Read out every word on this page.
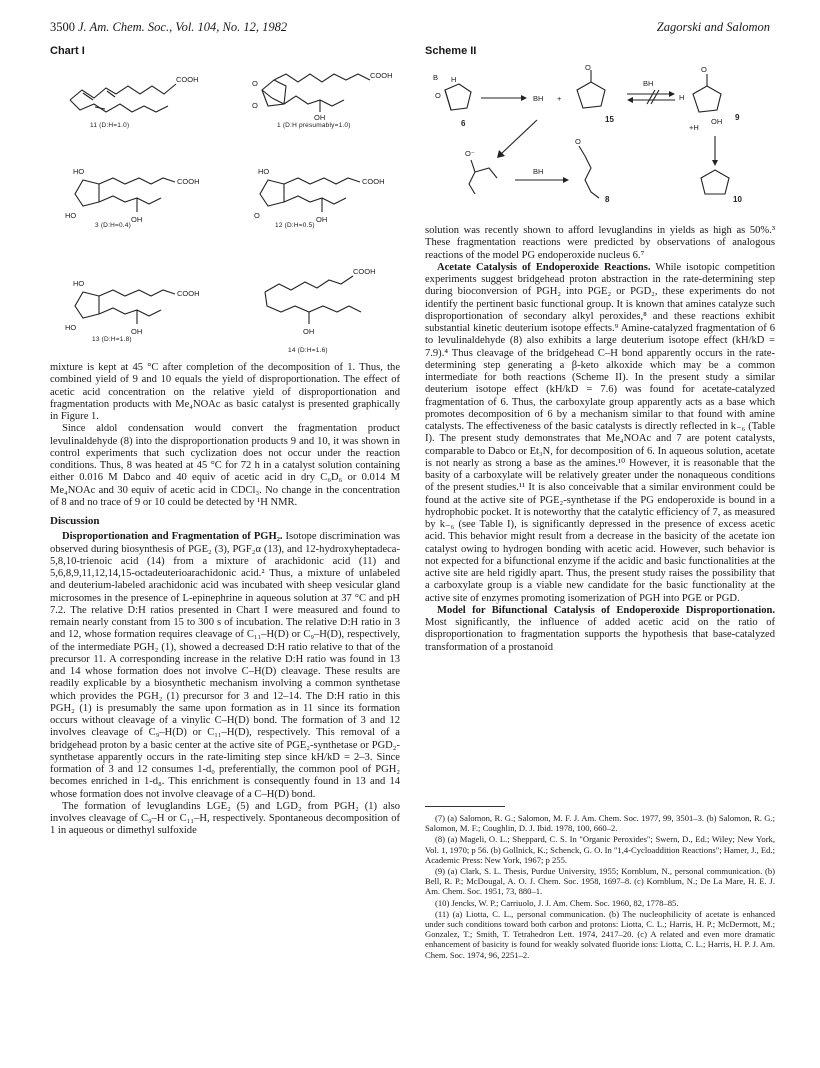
3500 J. Am. Chem. Soc., Vol. 104, No. 12, 1982	Zagorski and Salomon
Chart I
COOH
11 (D:H=1.0)
O
O
COOH
OH
1 (D:H presumably=1.0)
HO
HO
COOH
OH
3 (D:H=0.4)
HO
O
COOH
OH
12 (D:H=0.5)
HO
HO
COOH
OH
13 (D:H=1.8)
COOH
OH
14 (D:H=1.6)
Scheme II
B H
O
6
BH +
O
15
BH
H
O
OH
+H
9
10
O⁻
BH
O
8

mixture is kept at 45 °C after completion of the decomposition of 1. Thus, the combined yield of 9 and 10 equals the yield of disproportionation. The effect of acetic acid concentration on the relative yield of disproportionation and fragmentation products with Me₄NOAc as basic catalyst is presented graphically in Figure 1.

Since aldol condensation would convert the fragmentation product levulinaldehyde (8) into the disproportionation products 9 and 10, it was shown in control experiments that such cyclization does not occur under the reaction conditions. Thus, 8 was heated at 45 °C for 72 h in a catalyst solution containing either 0.016 M Dabco and 40 equiv of acetic acid in dry C₆D₆ or 0.014 M Me₄NOAc and 30 equiv of acetic acid in CDCl₃. No change in the concentration of 8 and no trace of 9 or 10 could be detected by ¹H NMR.

Discussion

Disproportionation and Fragmentation of PGH₂. Isotope discrimination was observed during biosynthesis of PGE₂ (3), PGF₂α (13), and 12-hydroxyheptadeca-5,8,10-trienoic acid (14) from a mixture of arachidonic acid (11) and 5,6,8,9,11,12,14,15-octadeuterioarachidonic acid.² Thus, a mixture of unlabeled and deuterium-labeled arachidonic acid was incubated with sheep vesicular gland microsomes in the presence of L-epinephrine in aqueous solution at 37 °C and pH 7.2. The relative D:H ratios presented in Chart I were measured and found to remain nearly constant from 15 to 300 s of incubation. The relative D:H ratio in 3 and 12, whose formation requires cleavage of C₁₁–H(D) or C₉–H(D), respectively, of the intermediate PGH₂ (1), showed a decreased D:H ratio relative to that of the precursor 11. A corresponding increase in the relative D:H ratio was found in 13 and 14 whose formation does not involve C–H(D) cleavage. These results are readily explicable by a biosynthetic mechanism involving a common synthetase which provides the PGH₂ (1) precursor for 3 and 12–14. The D:H ratio in this PGH₂ (1) is presumably the same upon formation as in 11 since its formation occurs without cleavage of a vinylic C–H(D) bond. The formation of 3 and 12 involves cleavage of C₉–H(D) or C₁₁–H(D), respectively. This removal of a bridgehead proton by a basic center at the active site of PGE₂-synthetase or PGD₂-synthetase apparently occurs in the rate-limiting step since kH/kD = 2–3. Since formation of 3 and 12 consumes 1-d₀ preferentially, the common pool of PGH₂ becomes enriched in 1-d₈. This enrichment is consequently found in 13 and 14 whose formation does not involve cleavage of a C–H(D) bond.

The formation of levuglandins LGE₂ (5) and LGD₂ from PGH₂ (1) also involves cleavage of C₉–H or C₁₁–H, respectively. Spontaneous decomposition of 1 in aqueous or dimethyl sulfoxide

solution was recently shown to afford levuglandins in yields as high as 50%.³ These fragmentation reactions were predicted by observations of analogous reactions of the model PG endoperoxide nucleus 6.⁷

Acetate Catalysis of Endoperoxide Reactions. While isotopic competition experiments suggest bridgehead proton abstraction in the rate-determining step during bioconversion of PGH₂ into PGE₂ or PGD₂, these experiments do not identify the pertinent basic functional group. It is known that amines catalyze such disproportionation of secondary alkyl peroxides,⁸ and these reactions exhibit substantial kinetic deuterium isotope effects.⁹ Amine-catalyzed fragmentation of 6 to levulinaldehyde (8) also exhibits a large deuterium isotope effect (kH/kD = 7.9).⁴ Thus cleavage of the bridgehead C–H bond apparently occurs in the rate-determining step generating a β-keto alkoxide which may be a common intermediate for both reactions (Scheme II). In the present study a similar deuterium isotope effect (kH/kD = 7.6) was found for acetate-catalyzed fragmentation of 6. Thus, the carboxylate group apparently acts as a base which promotes decomposition of 6 by a mechanism similar to that found with amine catalysts. The effectiveness of the basic catalysts is directly reflected in k₋₆ (Table I). The present study demonstrates that Me₄NOAc and 7 are potent catalysts, comparable to Dabco or Et₃N, for decomposition of 6. In aqueous solution, acetate is not nearly as strong a base as the amines.¹⁰ However, it is reasonable that the basity of a carboxylate will be relatively greater under the nonaqueous conditions of the present studies.¹¹ It is also conceivable that a similar environment could be found at the active site of PGE₂-synthetase if the PG endoperoxide is bound in a hydrophobic pocket. It is noteworthy that the catalytic efficiency of 7, as measured by k₋₆ (see Table I), is significantly depressed in the presence of excess acetic acid. This behavior might result from a decrease in the basicity of the acetate ion catalyst owing to hydrogen bonding with acetic acid. However, such behavior is not expected for a bifunctional enzyme if the acidic and basic functionalities at the active site are held rigidly apart. Thus, the present study raises the possibility that a carboxylate group is a viable new candidate for the basic functionality at the active site of enzymes promoting isomerization of PGH into PGE or PGD.

Model for Bifunctional Catalysis of Endoperoxide Disproportionation. Most significantly, the influence of added acetic acid on the ratio of disproportionation to fragmentation supports the hypothesis that base-catalyzed transformation of a prostanoid

(7) (a) Salomon, R. G.; Salomon, M. F. J. Am. Chem. Soc. 1977, 99, 3501–3. (b) Salomon, R. G.; Salomon, M. F.; Coughlin, D. J. Ibid. 1978, 100, 660–2.

(8) (a) Mageli, O. L.; Sheppard, C. S. In "Organic Peroxides"; Swern, D., Ed.; Wiley; New York, Vol. 1, 1970; p 56. (b) Gollnick, K.; Schenck, G. O. In "1,4-Cycloaddition Reactions"; Hamer, J., Ed.; Academic Press: New York, 1967; p 255.

(9) (a) Clark, S. L. Thesis, Purdue University, 1955; Kornblum, N., personal communication. (b) Bell, R. P.; McDougal, A. O. J. Chem. Soc. 1958, 1697–8. (c) Kornblum, N.; De La Mare, H. E. J. Am. Chem. Soc. 1951, 73, 880–1.

(10) Jencks, W. P.; Carriuolo, J. J. Am. Chem. Soc. 1960, 82, 1778–85.

(11) (a) Liotta, C. L., personal communication. (b) The nucleophilicity of acetate is enhanced under such conditions toward both carbon and protons: Liotta, C. L.; Harris, H. P.; McDermott, M.; Gonzalez, T.; Smith, T. Tetrahedron Lett. 1974, 2417–20. (c) A related and even more dramatic enhancement of basicity is found for weakly solvated fluoride ions: Liotta, C. L.; Harris, H. P. J. Am. Chem. Soc. 1974, 96, 2251–2.
